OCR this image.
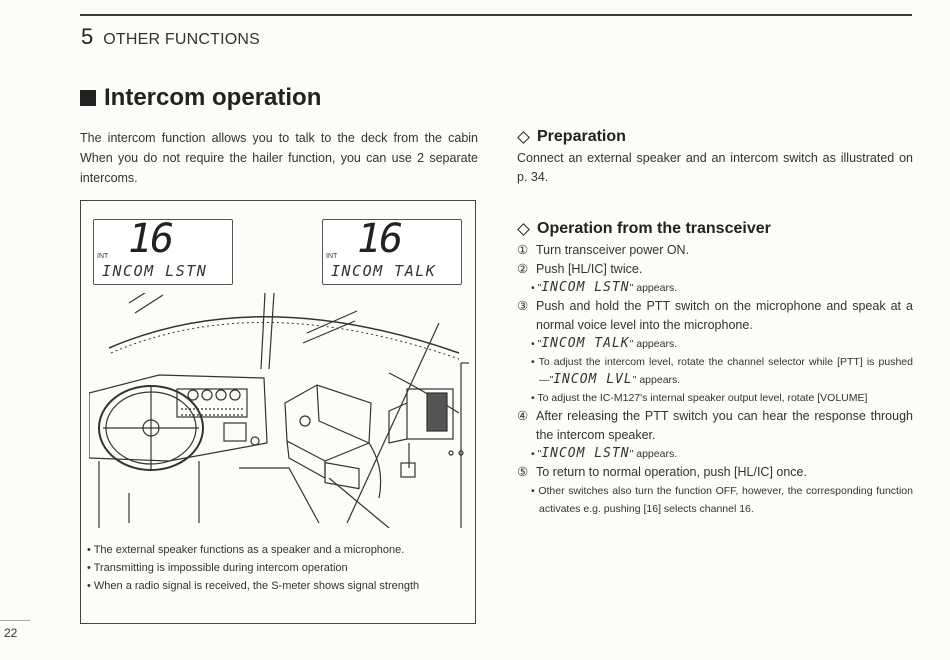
5 OTHER FUNCTIONS
Intercom operation

The intercom function allows you to talk to the deck from the cabin When you do not require the hailer function, you can use 2 separate intercoms.

INT 16
INCOM LSTN
INT 16
INCOM TALK

• The external speaker functions as a speaker and a microphone.

• Transmitting is impossible during intercom operation

• When a radio signal is received, the S-meter shows signal strength

22
Preparation

Connect an external speaker and an intercom switch as illustrated on p. 34.

Operation from the transceiver
① Turn transceiver power ON.
② Push [HL/IC] twice.

• "INCOM LSTN" appears.

③ Push and hold the PTT switch on the microphone and speak at a normal voice level into the microphone.

• "INCOM TALK" appears.

• To adjust the intercom level, rotate the channel selector while [PTT] is pushed—"INCOM LVL" appears.

• To adjust the IC-M127's internal speaker output level, rotate [VOLUME]

④ After releasing the PTT switch you can hear the response through the intercom speaker.

• "INCOM LSTN" appears.

⑤ To return to normal operation, push [HL/IC] once.

• Other switches also turn the function OFF, however, the corresponding function activates e.g. pushing [16] selects channel 16.
